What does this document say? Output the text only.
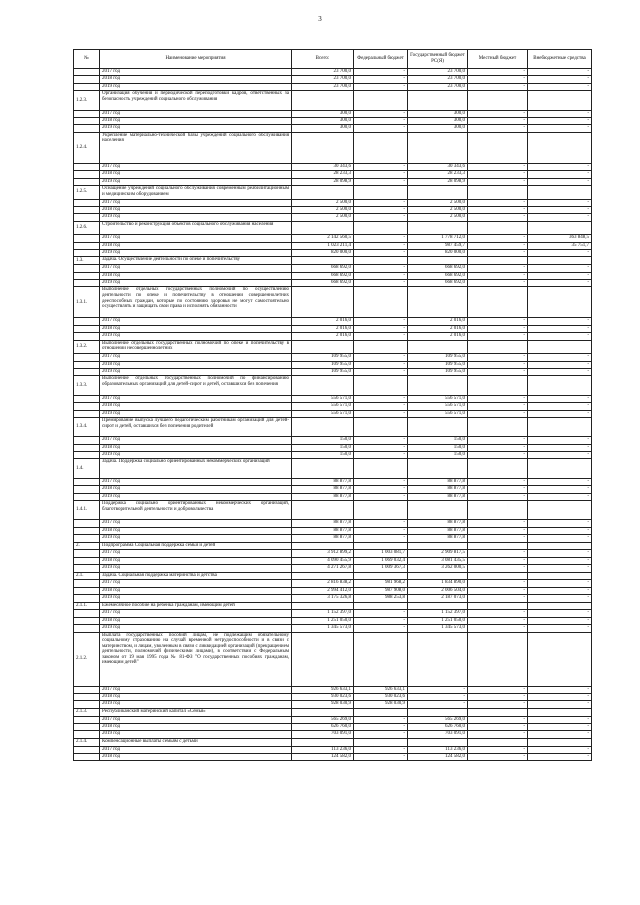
3
№	Наименование мероприятия	Всего:	Федеральный бюджет	Государственный бюджет РС(Я)	Местный бюджет	Внебюджетные средства
	2017 год	23 700,0	-	23 700,0	-	-
	2018 год	23 700,0	-	23 700,0	-	-
	2019 год	23 700,0	-	23 700,0	-	-
1.2.3.	Организация обучения и периодической переподготовки кадров, ответственных за безопасность учреждений социального обслуживания					
	2017 год	300,0	-	300,0	-	-
	2018 год	300,0	-	300,0	-	-
	2019 год	300,0	-	300,0	-	-
1.2.4.	Укрепление материально-технической базы учреждений социального обслуживания населения					
	2017 год	30 343,6	-	30 343,6	-	-
	2018 год	28 233,3	-	28 233,3	-	-
	2019 год	28 098,9	-	28 098,9	-	-
1.2.5.	Оснащение учреждений социального обслуживания современным реабилитационным и медицинским оборудованием					
	2017 год	2 500,0	-	2 500,0	-	-
	2018 год	2 500,0	-	2 500,0	-	-
	2019 год	2 500,0	-	2 500,0	-	-
1.2.6.	Строительство и реконструкция объектов социального обслуживания населения					
	2017 год	2 142 560,5	-	1 778 712,0	-	363 848,5
	2018 год	1 023 211,4	-	987 459,7	-	35 751,7
	2019 год	820 000,0	-	820 000,0	-	-
1.3.	Задача. Осуществление деятельности по опеке и попечительству					
	2017 год	668 692,0	-	668 692,0	-	-
	2018 год	668 692,0	-	668 692,0	-	-
	2019 год	668 692,0	-	668 692,0	-	-
1.3.1.	Выполнение отдельных государственных полномочий по осуществлению деятельности по опеке и попечительству в отношении совершеннолетних дееспособных граждан, которые по состоянию здоровья не могут самостоятельно осуществлять и защищать свои права и исполнять обязанности					
	2017 год	2 016,0	-	2 016,0	-	-
	2018 год	2 016,0	-	2 016,0	-	-
	2019 год	2 016,0	-	2 016,0	-	-
1.3.2.	Выполнение отдельных государственных полномочий по опеке и попечительству в отношении несовершеннолетних					
	2017 год	109 955,0	-	109 955,0	-	-
	2018 год	109 955,0	-	109 955,0	-	-
	2019 год	109 955,0	-	109 955,0	-	-
1.3.3.	Выполнение отдельных государственных полномочий по финансированию образовательных организаций для детей-сирот и детей, оставшихся без попечения					
	2017 год	556 571,0	-	556 571,0	-	-
	2018 год	556 571,0	-	556 571,0	-	-
	2019 год	556 571,0	-	556 571,0	-	-
1.3.4.	Премирование выпуска лучшего педагогическим работникам организаций для детей-сирот и детей, оставшихся без попечения родителей					
	2017 год	150,0	-	150,0	-	-
	2018 год	150,0	-	150,0	-	-
	2019 год	150,0	-	150,0	-	-
1.4.	Задача. Поддержка социально ориентированных некоммерческих организаций					
	2017 год	88 877,8	-	88 877,8	-	-
	2018 год	88 877,8	-	88 877,8	-	-
	2019 год	88 877,8	-	88 877,8	-	-
1.4.1.	Поддержка социально ориентированных некоммерческих организаций, благотворительной деятельности и добровольчества					
	2017 год	88 877,8	-	88 877,8	-	-
	2018 год	88 877,8	-	88 877,8	-	-
	2019 год	88 877,8	-	88 877,8	-	-
2.	Подпрограмма Социальная поддержка семьи и детей					
	2017 год	3 912 899,2	1 003 081,7	2 909 817,5	-	-
	2018 год	4 090 455,9	1 069 032,4	3 081 435,5	-	-
	2019 год	4 271 267,8	1 009 367,3	3 262 000,5	-	-
2.1.	Задача. Социальная поддержка материнства и детства					
	2017 год	2 816 838,2	981 968,2	1 834 890,0	-	-
	2018 год	2 994 412,0	987 908,0	2 006 504,0	-	-
	2019 год	3 175 326,8	988 253,8	2 187 073,0	-	-
2.1.1.	Ежемесячное пособие на ребенка гражданам, имеющим детей					
	2017 год	1 152 397,0	-	1 152 397,0	-	-
	2018 год	1 251 050,0	-	1 251 050,0	-	-
	2019 год	1 345 573,0	-	1 345 573,0	-	-
2.1.2.	Выплата государственных пособий лицам, не подлежащим обязательному социальному страхованию на случай временной нетрудоспособности и в связи с материнством, и лицам, уволенным в связи с ликвидацией организаций (прекращением деятельности, полномочий физическими лицами), в соответствии с Федеральным законом от 19 мая 1995 года № 81-ФЗ "О государственных пособиях гражданам, имеющим детей"					
	2017 год	926 633,1	926 633,1	-	-	-
	2018 год	930 023,6	930 023,6	-	-	-
	2019 год	928 030,9	928 030,9	-	-	-
2.1.3.	Республиканский материнский капитал «Семья»					
	2017 год	565 269,0	-	565 269,0	-	-
	2018 год	626 760,0	-	626 760,0	-	-
	2019 год	703 091,0	-	703 091,0	-	-
2.1.4.	Компенсационные выплаты семьям с детьми					
	2017 год	113 236,0	-	113 236,0	-	-
	2018 год	124 582,0	-	124 582,0	-	-
